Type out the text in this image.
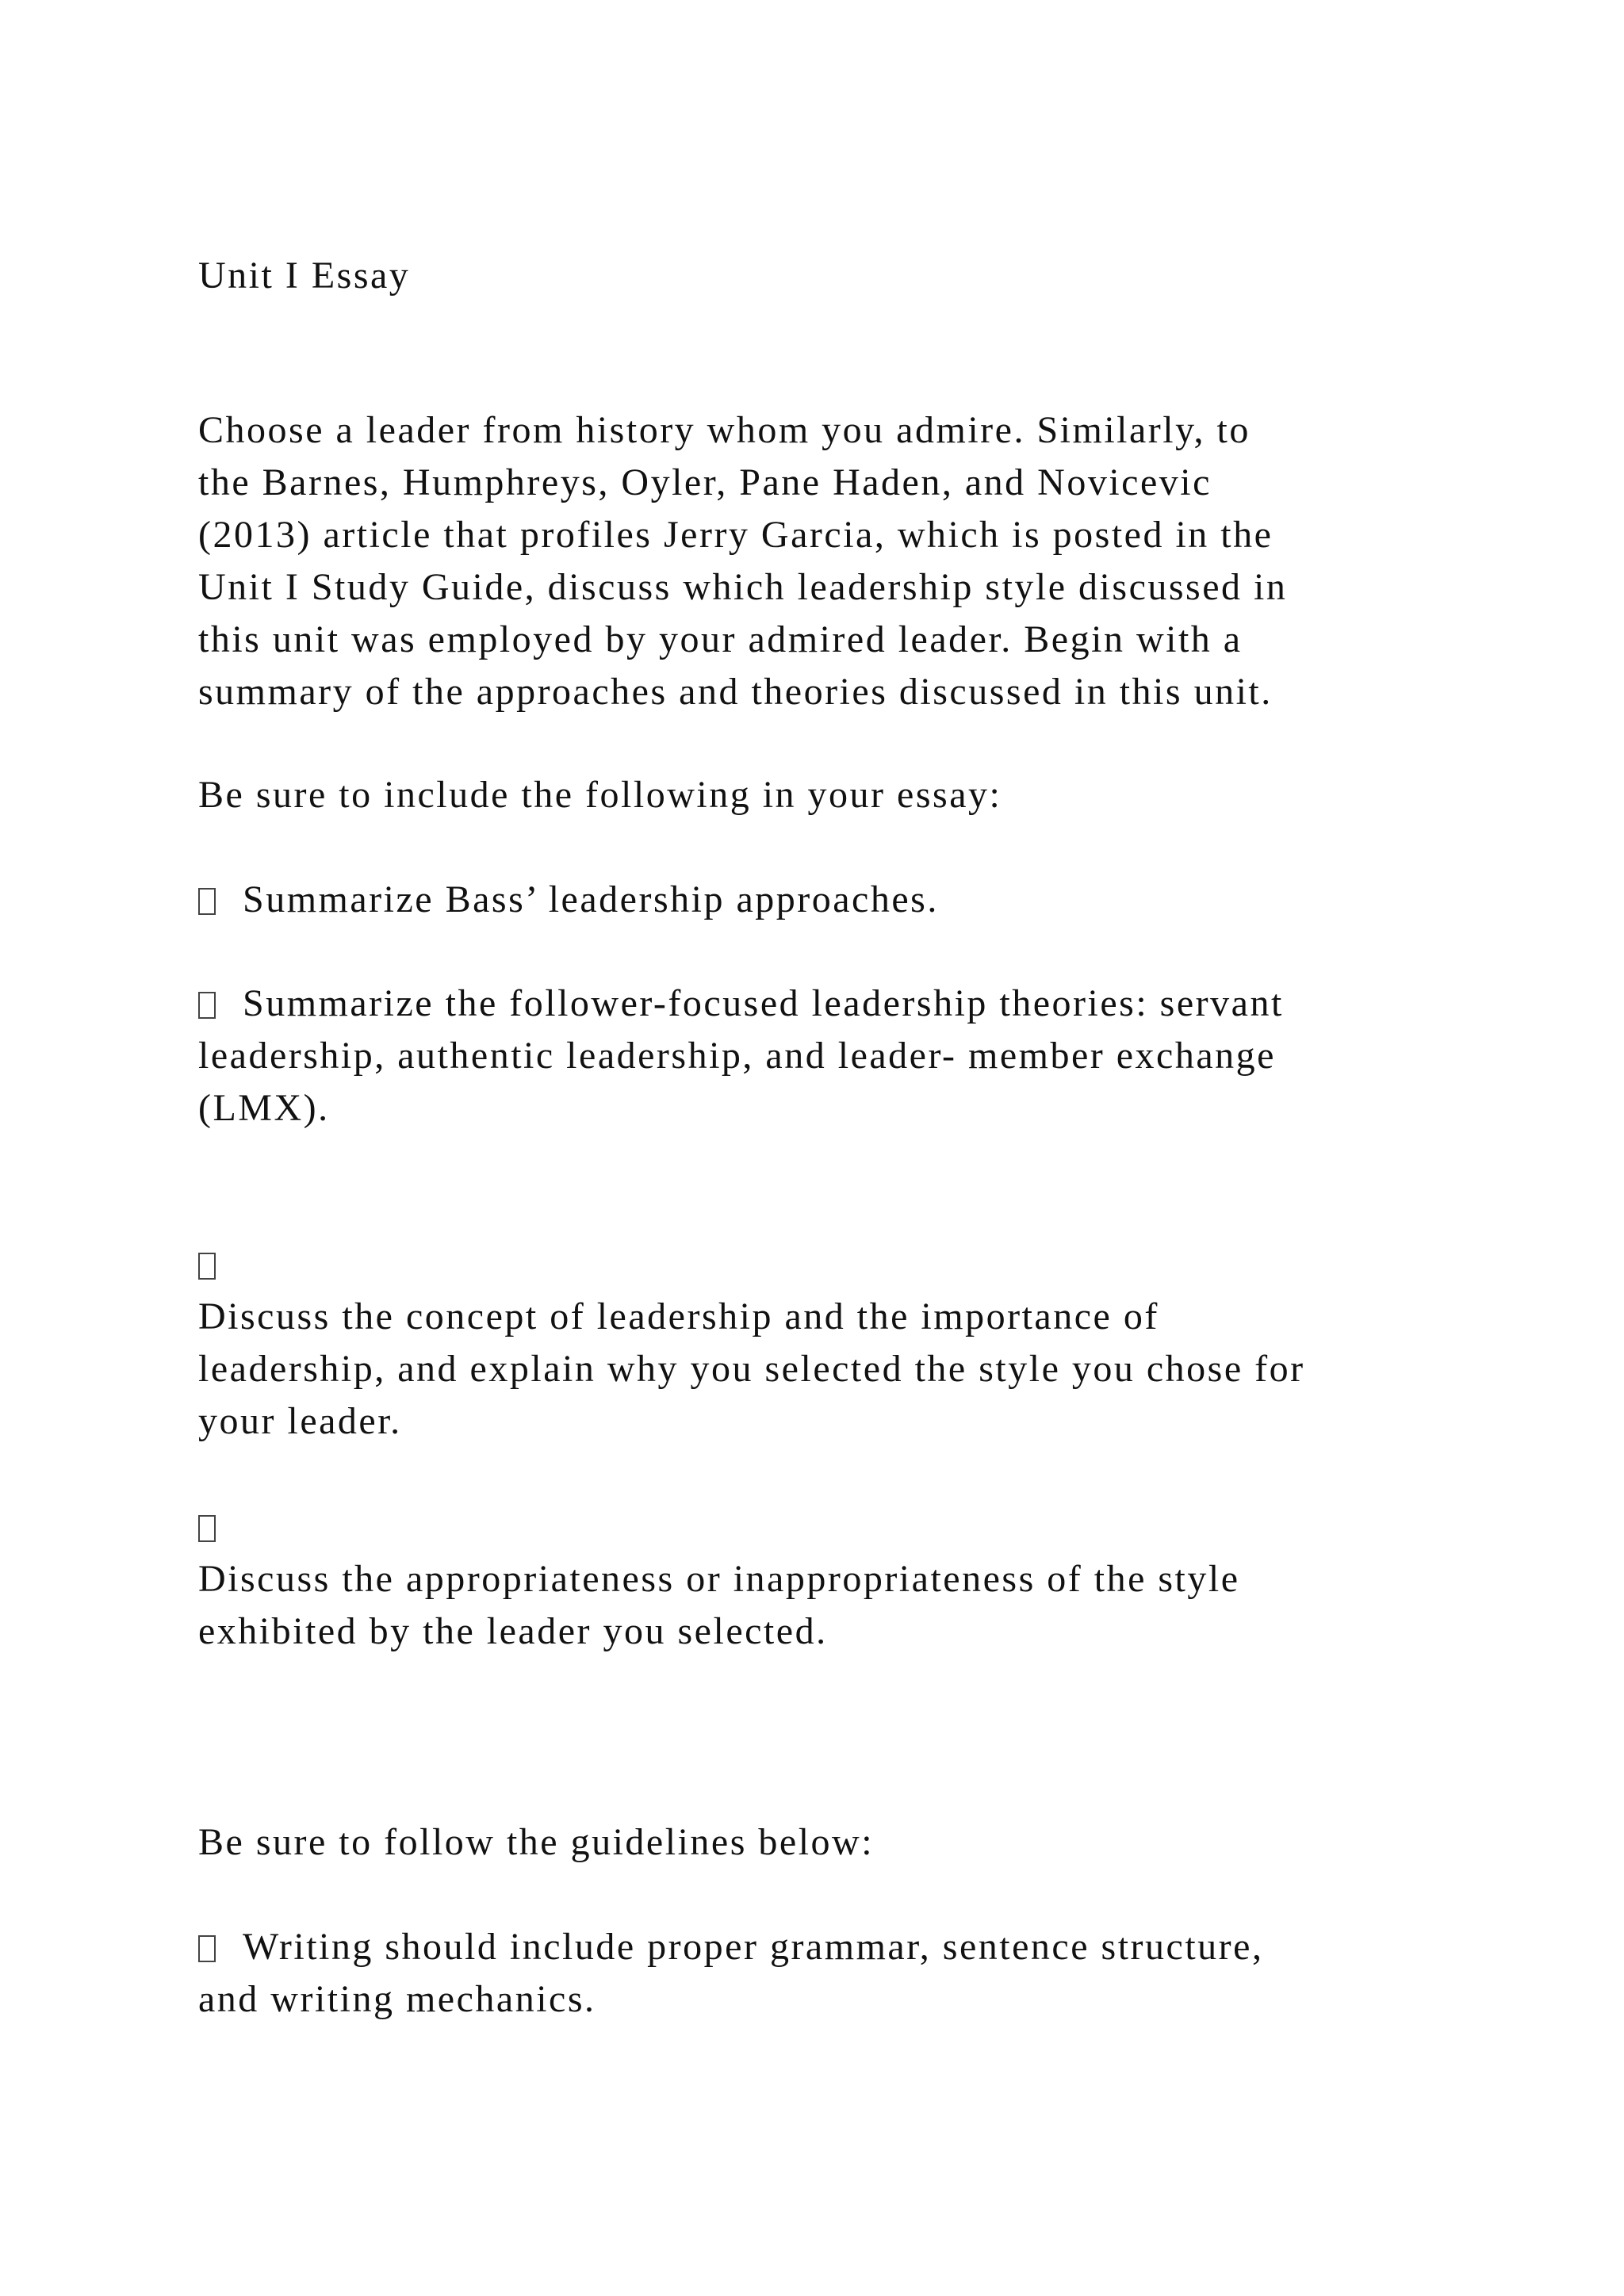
Unit I Essay

Choose a leader from history whom you admire. Similarly, to
the Barnes, Humphreys, Oyler, Pane Haden, and Novicevic
(2013) article that profiles Jerry Garcia, which is posted in the
Unit I Study Guide, discuss which leadership style discussed in
this unit was employed by your admired leader. Begin with a
summary of the approaches and theories discussed in this unit.

Be sure to include the following in your essay:

Summarize Bass’ leadership approaches.

Summarize the follower-focused leadership theories: servant
leadership, authentic leadership, and leader- member exchange
(LMX).

Discuss the concept of leadership and the importance of
leadership, and explain why you selected the style you chose for
your leader.

Discuss the appropriateness or inappropriateness of the style
exhibited by the leader you selected.

Be sure to follow the guidelines below:

Writing should include proper grammar, sentence structure,
and writing mechanics.
